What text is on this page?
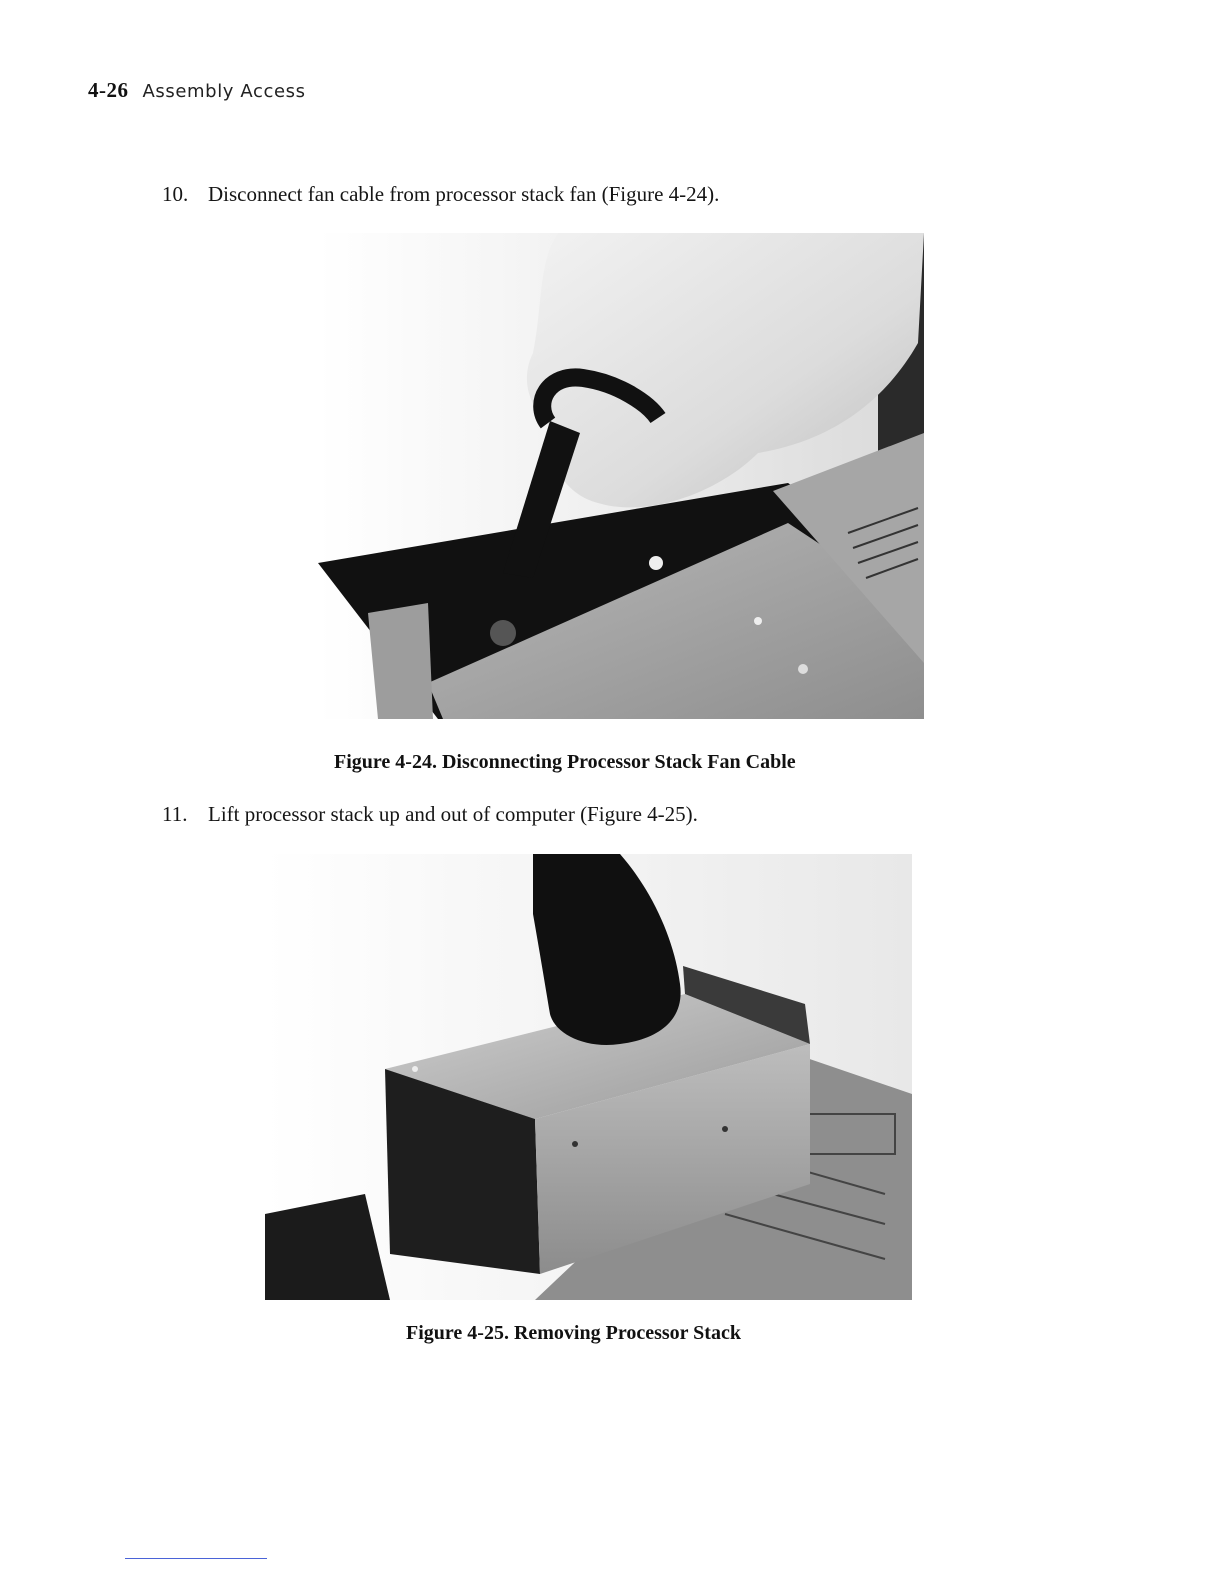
4-26 Assembly Access
10. Disconnect fan cable from processor stack fan (Figure 4-24).
Figure 4-24. Disconnecting Processor Stack Fan Cable
11. Lift processor stack up and out of computer (Figure 4-25).
Figure 4-25. Removing Processor Stack
